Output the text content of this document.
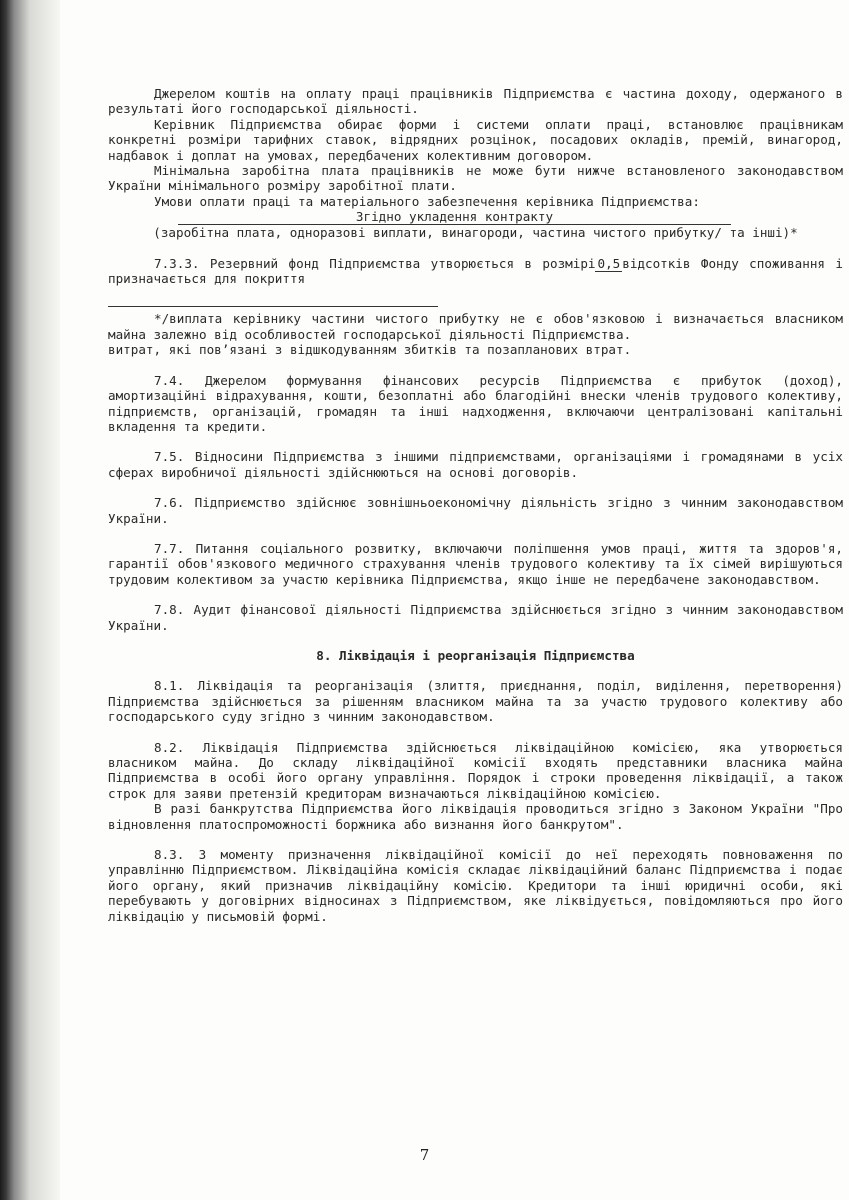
Джерелом коштів на оплату праці працівників Підприємства є частина доходу, одержаного в результаті його господарської діяльності.

Керівник Підприємства обирає форми і системи оплати праці, встановлює працівникам конкретні розміри тарифних ставок, відрядних розцінок, посадових окладів, премій, винагород, надбавок і доплат на умовах, передбачених колективним договором.

Мінімальна заробітна плата працівників не може бути нижче встановленого законодавством України мінімального розміру заробітної плати.

Умови оплати праці та матеріального забезпечення керівника Підприємства:

Згідно укладення контракту

(заробітна плата, одноразові виплати, винагороди, частина чистого прибутку/ та інші)*

7.3.3. Резервний фонд Підприємства утворюється в розмірі 0,5 відсотків Фонду споживання і призначається для покриття

*/виплата керівнику частини чистого прибутку не є обов'язковою і визначається власником майна залежно від особливостей господарської діяльності Підприємства.

витрат, які пов’язані з відшкодуванням збитків та позапланових втрат.

7.4. Джерелом формування фінансових ресурсів Підприємства є прибуток (доход), амортизаційні відрахування, кошти, безоплатні або благодійні внески членів трудового колективу, підприємств, організацій, громадян та інші надходження, включаючи централізовані капітальні вкладення та кредити.

7.5. Відносини Підприємства з іншими підприємствами, організаціями і громадянами в усіх сферах виробничої діяльності здійснюються на основі договорів.

7.6. Підприємство здійснює зовнішньоекономічну діяльність згідно з чинним законодавством України.

7.7. Питання соціального розвитку, включаючи поліпшення умов праці, життя та здоров'я, гарантії обов'язкового медичного страхування членів трудового колективу та їх сімей вирішуються трудовим колективом за участю керівника Підприємства, якщо інше не передбачене законодавством.

7.8. Аудит фінансової діяльності Підприємства здійснюється згідно з чинним законодавством України.

8. Ліквідація і реорганізація Підприємства

8.1. Ліквідація та реорганізація (злиття, приєднання, поділ, виділення, перетворення) Підприємства здійснюється за рішенням власником майна та за участю трудового колективу або господарського суду згідно з чинним законодавством.

8.2. Ліквідація Підприємства здійснюється ліквідаційною комісією, яка утворюється власником майна. До складу ліквідаційної комісії входять представники власника майна Підприємства в особі його органу управління. Порядок і строки проведення ліквідації, а також строк для заяви претензій кредиторам визначаються ліквідаційною комісією.

В разі банкрутства Підприємства його ліквідація проводиться згідно з Законом України "Про відновлення платоспроможності боржника або визнання його банкрутом".

8.3. З моменту призначення ліквідаційної комісії до неї переходять повноваження по управлінню Підприємством. Ліквідаційна комісія складає ліквідаційний баланс Підприємства і подає його органу, який призначив ліквідаційну комісію. Кредитори та інші юридичні особи, які перебувають у договірних відносинах з Підприємством, яке ліквідується, повідомляються про його ліквідацію у письмовій формі.

7
